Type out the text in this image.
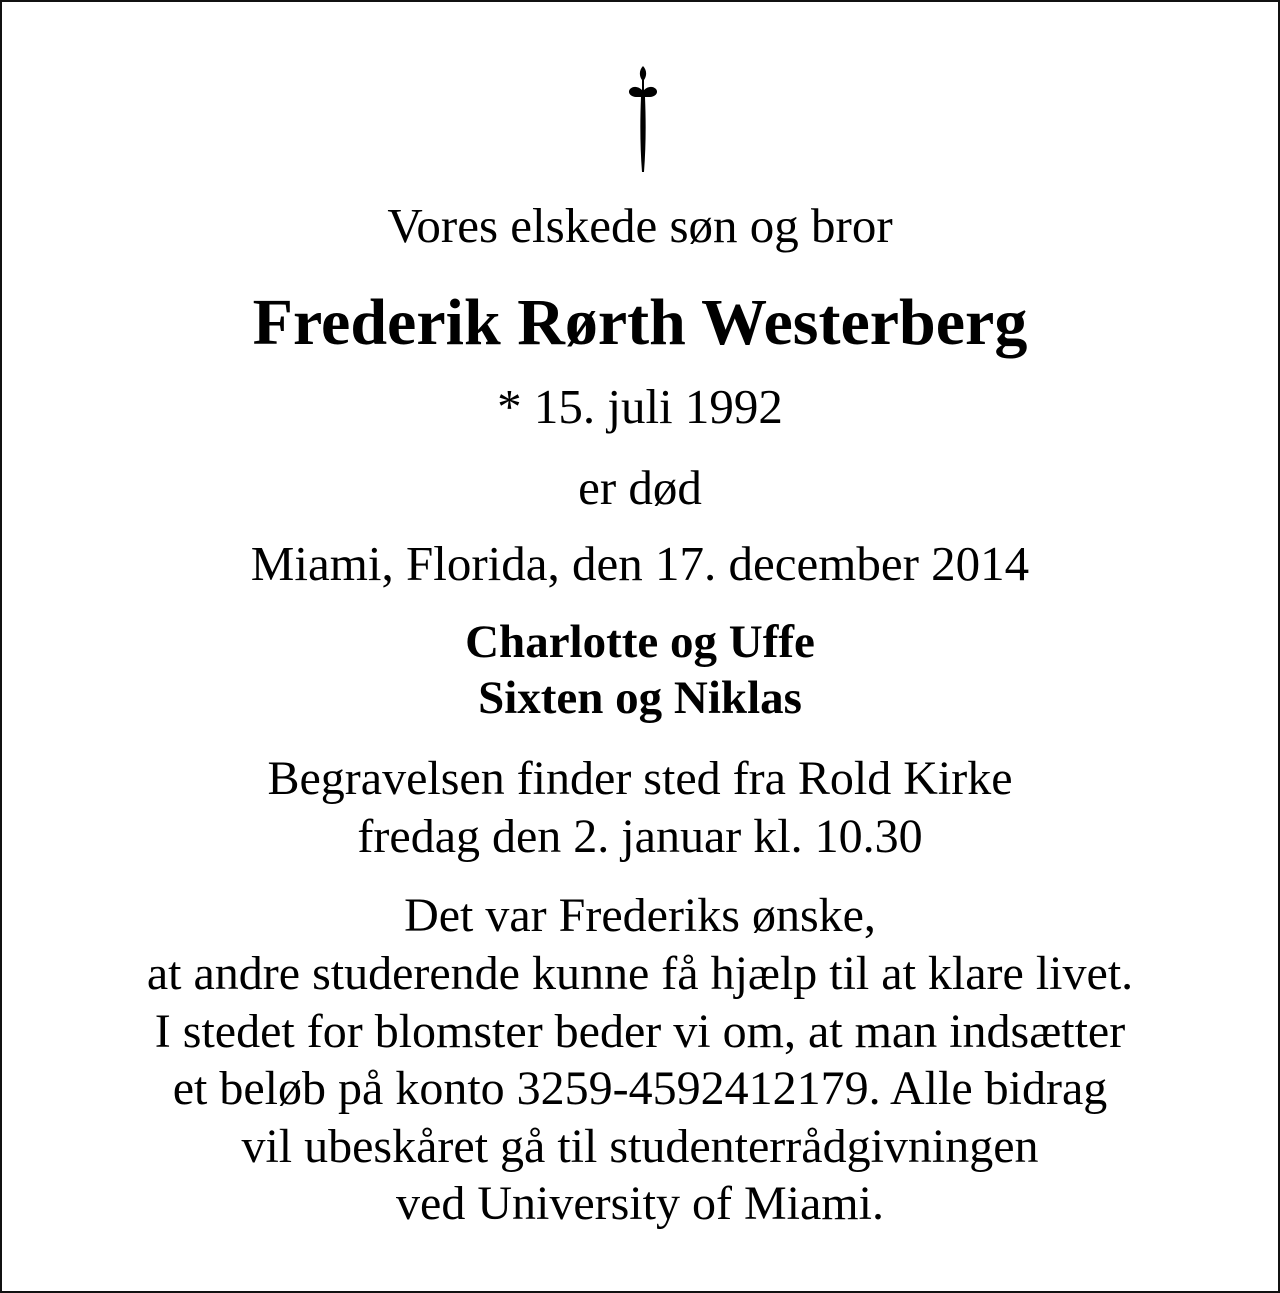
Vores elskede søn og bror
Frederik Rørth Westerberg
* 15. juli 1992
er død
Miami, Florida, den 17. december 2014
Charlotte og Uffe
Sixten og Niklas
Begravelsen finder sted fra Rold Kirke
fredag den 2. januar kl. 10.30
Det var Frederiks ønske,
at andre studerende kunne få hjælp til at klare livet.
I stedet for blomster beder vi om, at man indsætter
et beløb på konto 3259-4592412179. Alle bidrag
vil ubeskåret gå til studenterrådgivningen
ved University of Miami.
